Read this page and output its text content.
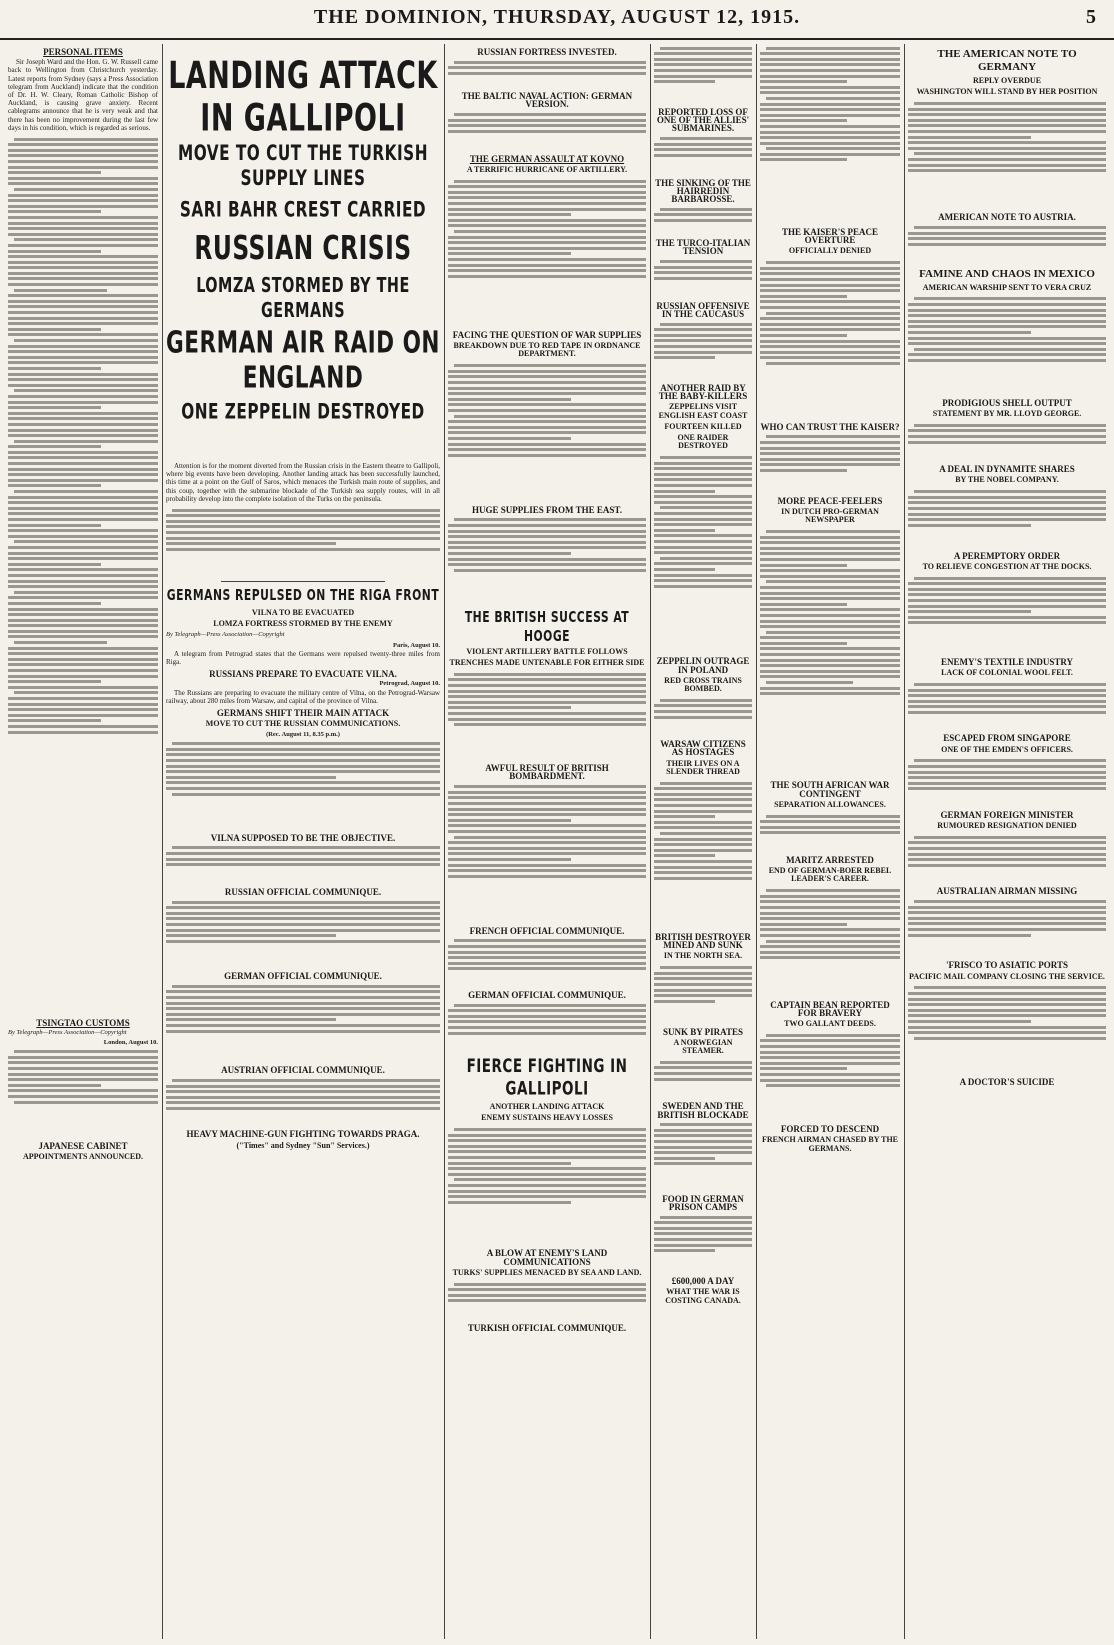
THE DOMINION, THURSDAY, AUGUST 12, 1915.	5
PERSONAL ITEMS

Sir Joseph Ward and the Hon. G. W. Russell came back to Wellington from Christchurch yesterday. Latest reports from Sydney (says a Press Association telegram from Auckland) indicate that the condition of Dr. H. W. Cleary, Roman Catholic Bishop of Auckland, is causing grave anxiety. Recent cablegrams announce that he is very weak and that there has been no improvement during the last few days in his condition, which is regarded as serious.

TSINGTAO CUSTOMS
By Telegraph—Press Association—Copyright
London, August 10.
JAPANESE CABINET
APPOINTMENTS ANNOUNCED.
LANDING ATTACK IN GALLIPOLI
MOVE TO CUT THE TURKISH SUPPLY LINES
SARI BAHR CREST CARRIED
RUSSIAN CRISIS
LOMZA STORMED BY THE GERMANS
GERMAN AIR RAID ON ENGLAND
ONE ZEPPELIN DESTROYED

Attention is for the moment diverted from the Russian crisis in the Eastern theatre to Gallipoli, where big events have been developing. Another landing attack has been successfully launched, this time at a point on the Gulf of Saros, which menaces the Turkish main route of supplies, and this coup, together with the submarine blockade of the Turkish sea supply routes, will in all probability develop into the complete isolation of the Turks on the peninsula.

GERMANS REPULSED ON THE RIGA FRONT
VILNA TO BE EVACUATED
LOMZA FORTRESS STORMED BY THE ENEMY
By Telegraph—Press Association—Copyright
Paris, August 10.

A telegram from Petrograd states that the Germans were repulsed twenty-three miles from Riga.

RUSSIANS PREPARE TO EVACUATE VILNA.
Petrograd, August 10.

The Russians are preparing to evacuate the military centre of Vilna, on the Petrograd-Warsaw railway, about 280 miles from Warsaw, and capital of the province of Vilna.

GERMANS SHIFT THEIR MAIN ATTACK
MOVE TO CUT THE RUSSIAN COMMUNICATIONS.
(Rec. August 11, 8.35 p.m.)
VILNA SUPPOSED TO BE THE OBJECTIVE.
RUSSIAN OFFICIAL COMMUNIQUE.
GERMAN OFFICIAL COMMUNIQUE.
AUSTRIAN OFFICIAL COMMUNIQUE.
HEAVY MACHINE-GUN FIGHTING TOWARDS PRAGA.
("Times" and Sydney "Sun" Services.)
RUSSIAN FORTRESS INVESTED.
THE BALTIC NAVAL ACTION: GERMAN VERSION.
THE GERMAN ASSAULT AT KOVNO
A TERRIFIC HURRICANE OF ARTILLERY.
FACING THE QUESTION OF WAR SUPPLIES
BREAKDOWN DUE TO RED TAPE IN ORDNANCE DEPARTMENT.
HUGE SUPPLIES FROM THE EAST.
THE BRITISH SUCCESS AT HOOGE
VIOLENT ARTILLERY BATTLE FOLLOWS
TRENCHES MADE UNTENABLE FOR EITHER SIDE
AWFUL RESULT OF BRITISH BOMBARDMENT.
FRENCH OFFICIAL COMMUNIQUE.
GERMAN OFFICIAL COMMUNIQUE.
FIERCE FIGHTING IN GALLIPOLI
ANOTHER LANDING ATTACK
ENEMY SUSTAINS HEAVY LOSSES
A BLOW AT ENEMY'S LAND COMMUNICATIONS
TURKS' SUPPLIES MENACED BY SEA AND LAND.
TURKISH OFFICIAL COMMUNIQUE.
REPORTED LOSS OF ONE OF THE ALLIES' SUBMARINES.
THE SINKING OF THE HAIRREDIN BARBAROSSE.
THE TURCO-ITALIAN TENSION
RUSSIAN OFFENSIVE IN THE CAUCASUS
ANOTHER RAID BY THE BABY-KILLERS
ZEPPELINS VISIT ENGLISH EAST COAST
FOURTEEN KILLED
ONE RAIDER DESTROYED
ZEPPELIN OUTRAGE IN POLAND
RED CROSS TRAINS BOMBED.
WARSAW CITIZENS AS HOSTAGES
THEIR LIVES ON A SLENDER THREAD
BRITISH DESTROYER MINED AND SUNK
IN THE NORTH SEA.
SUNK BY PIRATES
A NORWEGIAN STEAMER.
SWEDEN AND THE BRITISH BLOCKADE
FOOD IN GERMAN PRISON CAMPS
£600,000 A DAY
WHAT THE WAR IS COSTING CANADA.
THE KAISER'S PEACE OVERTURE
OFFICIALLY DENIED
WHO CAN TRUST THE KAISER?
MORE PEACE-FEELERS
IN DUTCH PRO-GERMAN NEWSPAPER
THE SOUTH AFRICAN WAR CONTINGENT
SEPARATION ALLOWANCES.
MARITZ ARRESTED
END OF GERMAN-BOER REBEL LEADER'S CAREER.
CAPTAIN BEAN REPORTED FOR BRAVERY
TWO GALLANT DEEDS.
FORCED TO DESCEND
FRENCH AIRMAN CHASED BY THE GERMANS.
THE AMERICAN NOTE TO GERMANY
REPLY OVERDUE
WASHINGTON WILL STAND BY HER POSITION
AMERICAN NOTE TO AUSTRIA.
FAMINE AND CHAOS IN MEXICO
AMERICAN WARSHIP SENT TO VERA CRUZ
PRODIGIOUS SHELL OUTPUT
STATEMENT BY MR. LLOYD GEORGE.
A DEAL IN DYNAMITE SHARES
BY THE NOBEL COMPANY.
A PEREMPTORY ORDER
TO RELIEVE CONGESTION AT THE DOCKS.
ENEMY'S TEXTILE INDUSTRY
LACK OF COLONIAL WOOL FELT.
ESCAPED FROM SINGAPORE
ONE OF THE EMDEN'S OFFICERS.
GERMAN FOREIGN MINISTER
RUMOURED RESIGNATION DENIED
AUSTRALIAN AIRMAN MISSING
'FRISCO TO ASIATIC PORTS
PACIFIC MAIL COMPANY CLOSING THE SERVICE.
A DOCTOR'S SUICIDE
